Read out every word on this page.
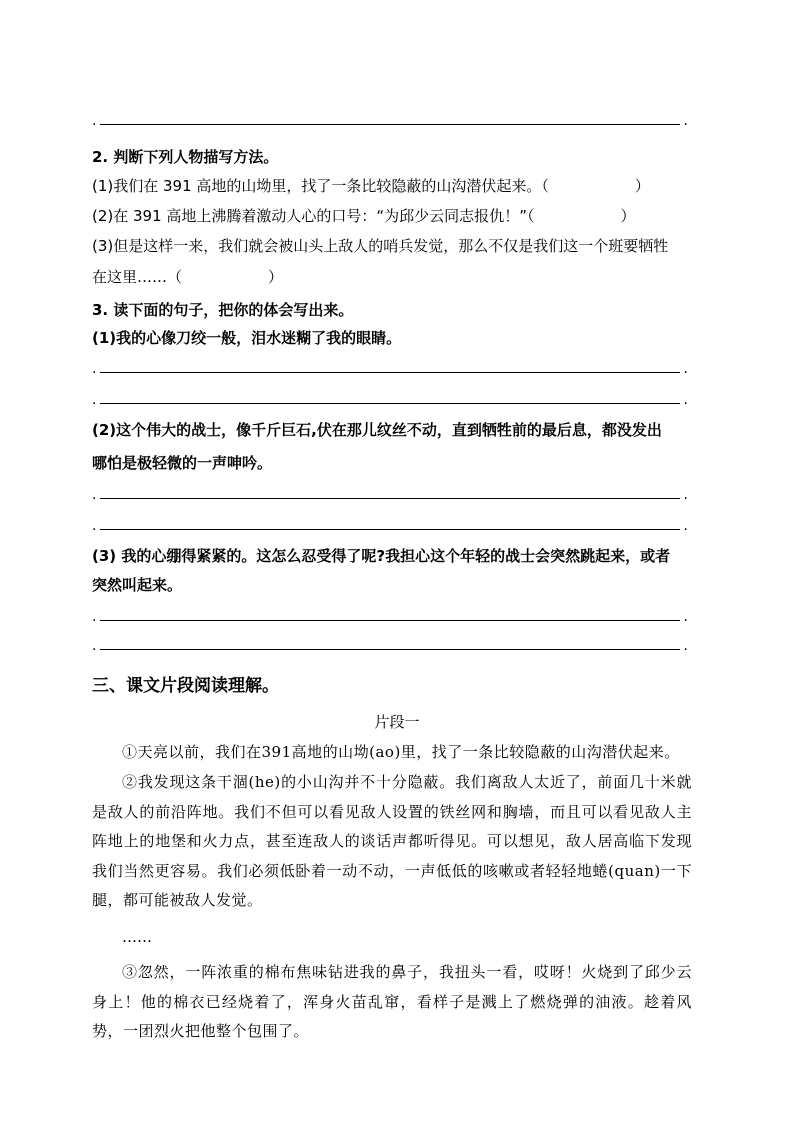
.	.
2. 判断下列人物描写方法。
(1)我们在 391 高地的山坳里，找了一条比较隐蔽的山沟潜伏起来。（	）
(2)在 391 高地上沸腾着激动人心的口号：“为邱少云同志报仇！”（	）
(3)但是这样一来，我们就会被山头上敌人的哨兵发觉，那么不仅是我们这一个班要牺牲
在这里……（	）
3. 读下面的句子，把你的体会写出来。
(1)我的心像刀绞一般，泪水迷糊了我的眼睛。
.	.
.	.
(2)这个伟大的战士，像千斤巨石,伏在那儿纹丝不动，直到牺牲前的最后息，都没发出
哪怕是极轻微的一声呻吟。
.	.
.	.
(3) 我的心绷得紧紧的。这怎么忍受得了呢?我担心这个年轻的战士会突然跳起来，或者
突然叫起来。
.	.
.	.
三、课文片段阅读理解。
片段一

①天亮以前，我们在391高地的山坳(ao)里，找了一条比较隐蔽的山沟潜伏起来。

②我发现这条干涸(he)的小山沟并不十分隐蔽。我们离敌人太近了，前面几十米就是敌人的前沿阵地。我们不但可以看见敌人设置的铁丝网和胸墙，而且可以看见敌人主阵地上的地堡和火力点，甚至连敌人的谈话声都听得见。可以想见，敌人居高临下发现我们当然更容易。我们必须低卧着一动不动，一声低低的咳嗽或者轻轻地蜷(quan)一下腿，都可能被敌人发觉。

……

③忽然，一阵浓重的棉布焦味钻进我的鼻子，我扭头一看，哎呀！火烧到了邱少云身上！他的棉衣已经烧着了，浑身火苗乱窜，看样子是溅上了燃烧弹的油液。趁着风势，一团烈火把他整个包围了。
